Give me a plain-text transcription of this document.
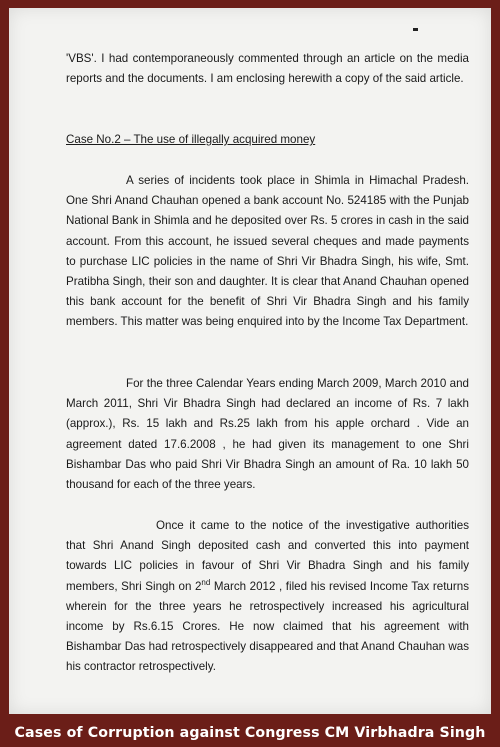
'VBS'. I had contemporaneously commented through an article on the media reports and the documents. I am enclosing herewith a copy of the said article.

Case No.2 – The use of illegally acquired money

A series of incidents took place in Shimla in Himachal Pradesh. One Shri Anand Chauhan opened a bank account No. 524185 with the Punjab National Bank in Shimla and he deposited over Rs. 5 crores in cash in the said account. From this account, he issued several cheques and made payments to purchase LIC policies in the name of Shri Vir Bhadra Singh, his wife, Smt. Pratibha Singh, their son and daughter. It is clear that Anand Chauhan opened this bank account for the benefit of Shri Vir Bhadra Singh and his family members. This matter was being enquired into by the Income Tax Department.

For the three Calendar Years ending March 2009, March 2010 and March 2011, Shri Vir Bhadra Singh had declared an income of Rs. 7 lakh (approx.), Rs. 15 lakh and Rs.25 lakh from his apple orchard . Vide an agreement dated 17.6.2008 , he had given its management to one Shri Bishambar Das who paid Shri Vir Bhadra Singh an amount of Ra. 10 lakh 50 thousand for each of the three years.

Once it came to the notice of the investigative authorities that Shri Anand Singh deposited cash and converted this into payment towards LIC policies in favour of Shri Vir Bhadra Singh and his family members, Shri Singh on 2nd March 2012 , filed his revised Income Tax returns wherein for the three years he retrospectively increased his agricultural income by Rs.6.15 Crores. He now claimed that his agreement with Bishambar Das had retrospectively disappeared and that Anand Chauhan was his contractor retrospectively.

Cases of Corruption against Congress CM Virbhadra Singh
